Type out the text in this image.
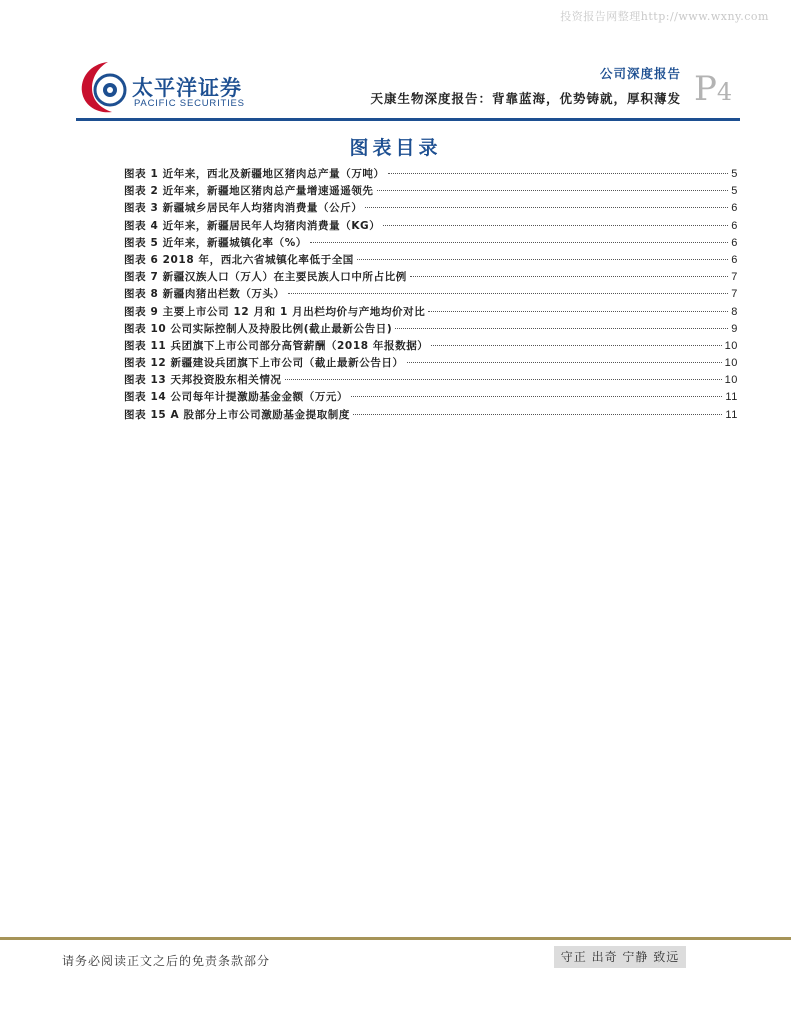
投资报告网整理http://www.wxny.com
太平洋证券
PACIFIC SECURITIES
公司深度报告
天康生物深度报告：背靠蓝海，优势铸就，厚积薄发 P4
图表目录
图表 1 近年来，西北及新疆地区猪肉总产量（万吨）	5
图表 2 近年来，新疆地区猪肉总产量增速遥遥领先	5
图表 3 新疆城乡居民年人均猪肉消费量（公斤）	6
图表 4 近年来，新疆居民年人均猪肉消费量（KG）	6
图表 5 近年来，新疆城镇化率（%）	6
图表 6 2018 年，西北六省城镇化率低于全国	6
图表 7 新疆汉族人口（万人）在主要民族人口中所占比例	7
图表 8 新疆肉猪出栏数（万头）	7
图表 9 主要上市公司 12 月和 1 月出栏均价与产地均价对比	8
图表 10 公司实际控制人及持股比例(截止最新公告日)	9
图表 11 兵团旗下上市公司部分高管薪酬（2018 年报数据）	10
图表 12 新疆建设兵团旗下上市公司（截止最新公告日）	10
图表 13 天邦投资股东相关情况	10
图表 14 公司每年计提激励基金金额（万元）	11
图表 15 A 股部分上市公司激励基金提取制度	11
请务必阅读正文之后的免责条款部分	守正 出奇 宁静 致远
